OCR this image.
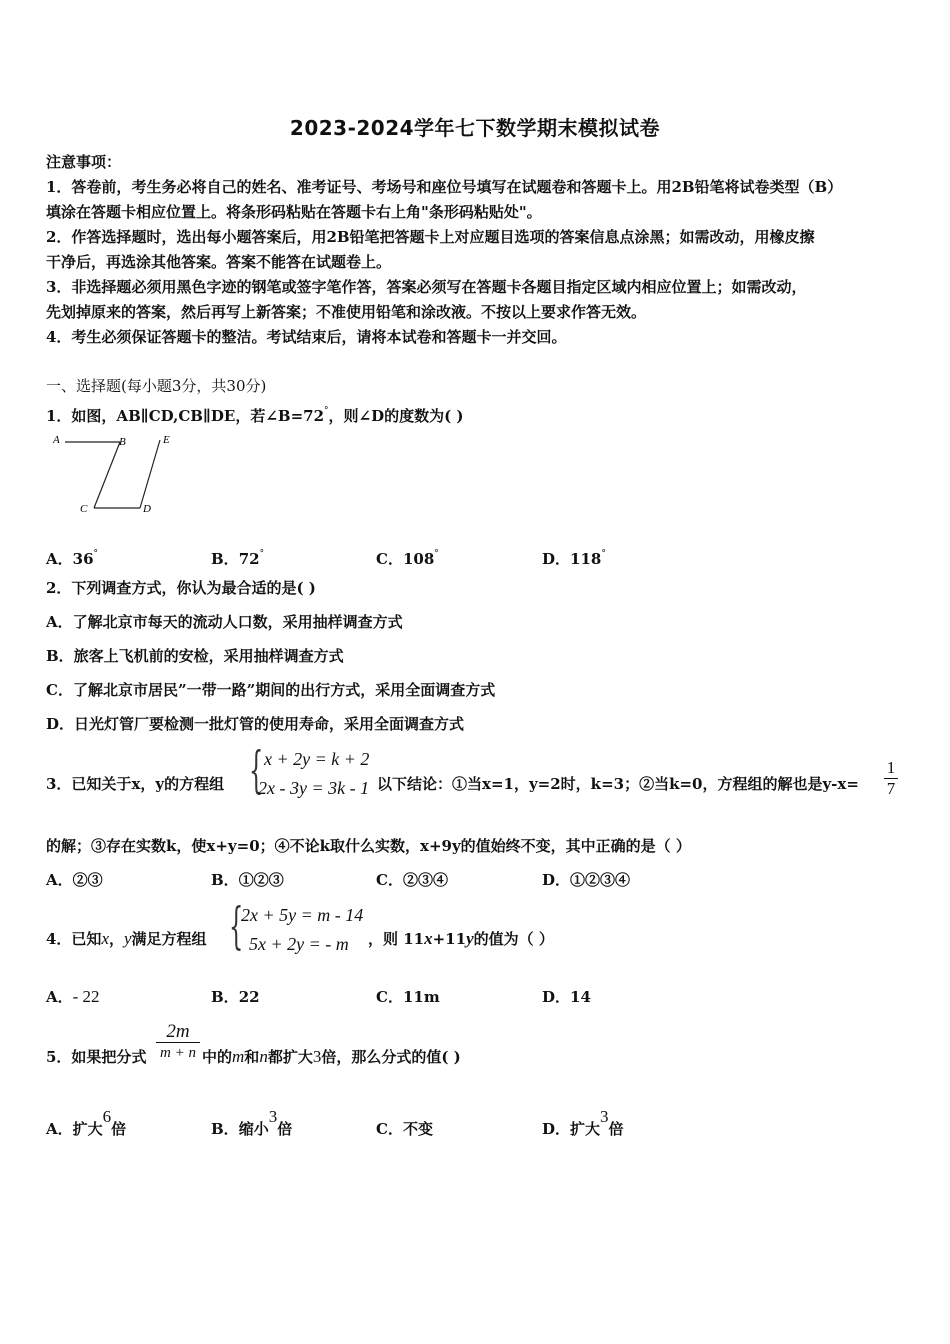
2023-2024学年七下数学期末模拟试卷
注意事项：
1．答卷前，考生务必将自己的姓名、准考证号、考场号和座位号填写在试题卷和答题卡上。用2B铅笔将试卷类型（B）
填涂在答题卡相应位置上。将条形码粘贴在答题卡右上角"条形码粘贴处"。
2．作答选择题时，选出每小题答案后，用2B铅笔把答题卡上对应题目选项的答案信息点涂黑；如需改动，用橡皮擦
干净后，再选涂其他答案。答案不能答在试题卷上。
3．非选择题必须用黑色字迹的钢笔或签字笔作答，答案必须写在答题卡各题目指定区域内相应位置上；如需改动，
先划掉原来的答案，然后再写上新答案；不准使用铅笔和涂改液。不按以上要求作答无效。
4．考生必须保证答题卡的整洁。考试结束后，请将本试卷和答题卡一并交回。
一、选择题(每小题3分，共30分)
1．如图，AB∥CD,CB∥DE，若∠B=72°，则∠D的度数为( )
A	B	E
C	D
A．36°	B．72°	C．108°	D．118°
2．下列调查方式，你认为最合适的是( )
A．了解北京市每天的流动人口数，采用抽样调查方式
B．旅客上飞机前的安检，采用抽样调查方式
C．了解北京市居民”一带一路”期间的出行方式，采用全面调查方式
D．日光灯管厂要检测一批灯管的使用寿命，采用全面调查方式
3．已知关于x，y的方程组 { x + 2y = k + 2
2x - 3y = 3k - 1 以下结论：①当x=1，y=2时，k=3；②当k=0，方程组的解也是y-x=
1
7
的解；③存在实数k，使x+y=0；④不论k取什么实数，x+9y的值始终不变，其中正确的是（ ）
A．②③	B．①②③	C．②③④	D．①②③④
4．已知x，y满足方程组 {
2x + 5y = m - 14
5x + 2y = - m ，则 11x+11y的值为（ ）
A．- 22	B．22	C．11m	D．14
5．如果把分式
2m
m + n 中的m和n都扩大3倍，那么分式的值( )
A．扩大6倍	B．缩小3倍	C．不变	D．扩大3倍
